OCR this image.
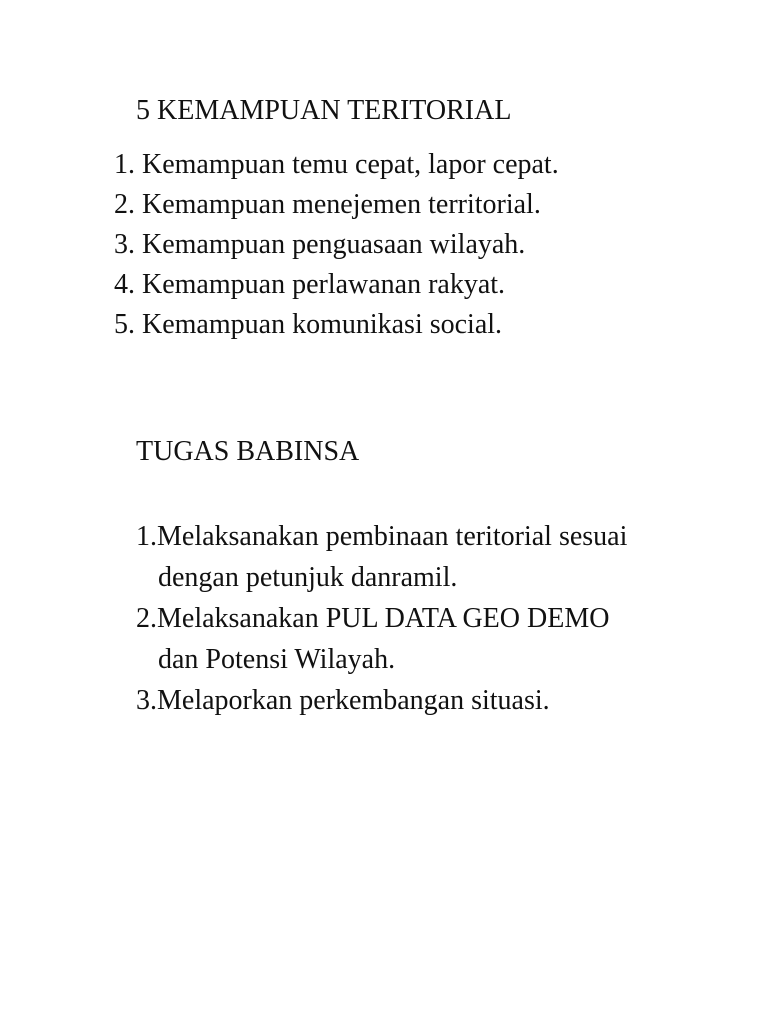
5 KEMAMPUAN TERITORIAL
1. Kemampuan temu cepat, lapor cepat.
2. Kemampuan menejemen territorial.
3. Kemampuan penguasaan wilayah.
4. Kemampuan perlawanan rakyat.
5. Kemampuan komunikasi social.
TUGAS BABINSA
1.Melaksanakan pembinaan teritorial sesuai
dengan petunjuk danramil.
2.Melaksanakan PUL DATA GEO DEMO
dan Potensi Wilayah.
3.Melaporkan perkembangan situasi.
